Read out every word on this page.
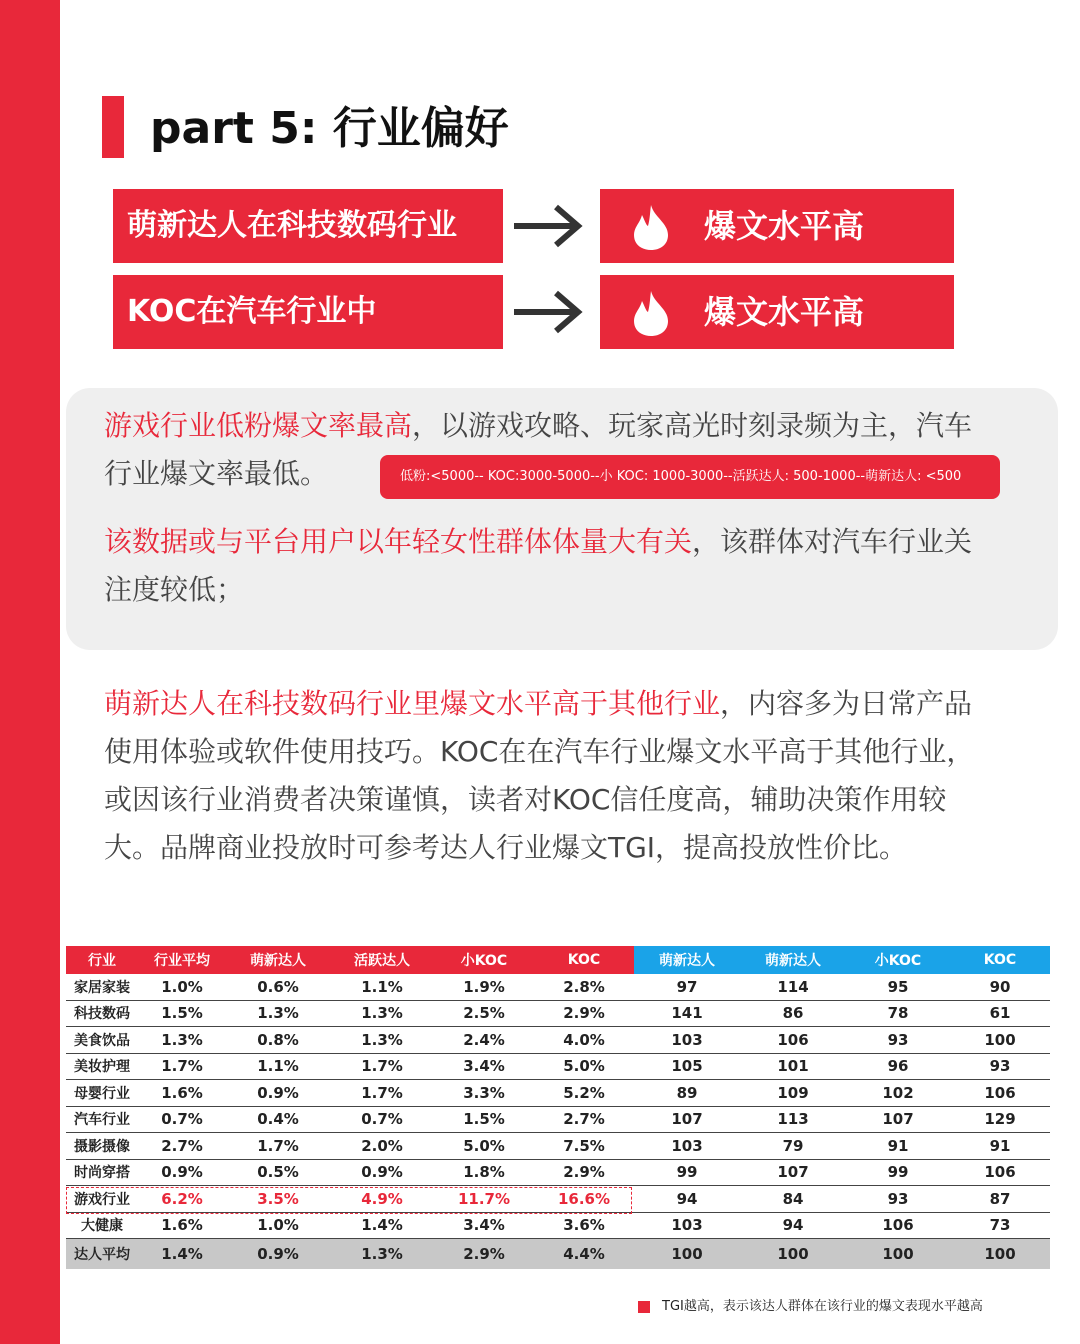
part 5: 行业偏好
萌新达人在科技数码行业	爆文水平高
KOC在汽车行业中	爆文水平高
游戏行业低粉爆文率最高，以游戏攻略、玩家高光时刻录频为主，汽车行业爆文率最低。	低粉:<5000-- KOC:3000-5000--小 KOC: 1000-3000--活跃达人: 500-1000--萌新达人: <500
该数据或与平台用户以年轻女性群体体量大有关，该群体对汽车行业关注度较低；
萌新达人在科技数码行业里爆文水平高于其他行业，内容多为日常产品使用体验或软件使用技巧。KOC在在汽车行业爆文水平高于其他行业，或因该行业消费者决策谨慎，读者对KOC信任度高，辅助决策作用较大。品牌商业投放时可参考达人行业爆文TGI，提高投放性价比。
行业	行业平均	萌新达人	活跃达人	小KOC	KOC	萌新达人	萌新达人	小KOC	KOC
家居家装	1.0%	0.6%	1.1%	1.9%	2.8%	97	114	95	90
科技数码	1.5%	1.3%	1.3%	2.5%	2.9%	141	86	78	61
美食饮品	1.3%	0.8%	1.3%	2.4%	4.0%	103	106	93	100
美妆护理	1.7%	1.1%	1.7%	3.4%	5.0%	105	101	96	93
母婴行业	1.6%	0.9%	1.7%	3.3%	5.2%	89	109	102	106
汽车行业	0.7%	0.4%	0.7%	1.5%	2.7%	107	113	107	129
摄影摄像	2.7%	1.7%	2.0%	5.0%	7.5%	103	79	91	91
时尚穿搭	0.9%	0.5%	0.9%	1.8%	2.9%	99	107	99	106
游戏行业	6.2%	3.5%	4.9%	11.7%	16.6%	94	84	93	87
大健康	1.6%	1.0%	1.4%	3.4%	3.6%	103	94	106	73
达人平均	1.4%	0.9%	1.3%	2.9%	4.4%	100	100	100	100
TGI越高，表示该达人群体在该行业的爆文表现水平越高
